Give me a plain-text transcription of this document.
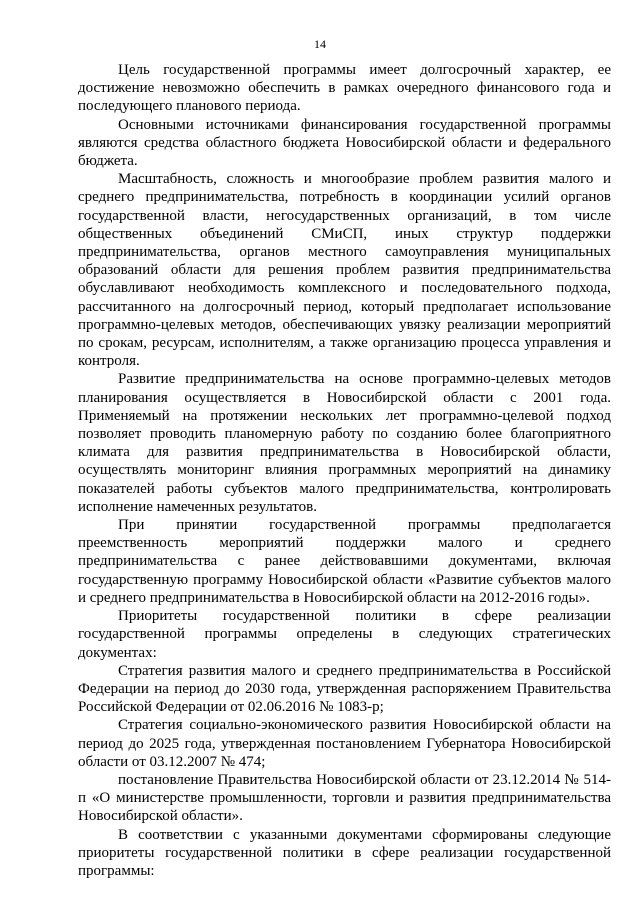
14

Цель государственной программы имеет долгосрочный характер, ее достижение невозможно обеспечить в рамках очередного финансового года и последующего планового периода.

Основными источниками финансирования государственной программы являются средства областного бюджета Новосибирской области и федерального бюджета.

Масштабность, сложность и многообразие проблем развития малого и среднего предпринимательства, потребность в координации усилий органов государственной власти, негосударственных организаций, в том числе общественных объединений СМиСП, иных структур поддержки предпринимательства, органов местного самоуправления муниципальных образований области для решения проблем развития предпринимательства обуславливают необходимость комплексного и последовательного подхода, рассчитанного на долгосрочный период, который предполагает использование программно-целевых методов, обеспечивающих увязку реализации мероприятий по срокам, ресурсам, исполнителям, а также организацию процесса управления и контроля.

Развитие предпринимательства на основе программно-целевых методов планирования осуществляется в Новосибирской области с 2001 года. Применяемый на протяжении нескольких лет программно-целевой подход позволяет проводить планомерную работу по созданию более благоприятного климата для развития предпринимательства в Новосибирской области, осуществлять мониторинг влияния программных мероприятий на динамику показателей работы субъектов малого предпринимательства, контролировать исполнение намеченных результатов.

При принятии государственной программы предполагается преемственность мероприятий поддержки малого и среднего предпринимательства с ранее действовавшими документами, включая государственную программу Новосибирской области «Развитие субъектов малого и среднего предпринимательства в Новосибирской области на 2012-2016 годы».

Приоритеты государственной политики в сфере реализации государственной программы определены в следующих стратегических документах:

Стратегия развития малого и среднего предпринимательства в Российской Федерации на период до 2030 года, утвержденная распоряжением Правительства Российской Федерации от 02.06.2016 № 1083-р;

Стратегия социально-экономического развития Новосибирской области на период до 2025 года, утвержденная постановлением Губернатора Новосибирской области от 03.12.2007 № 474;

постановление Правительства Новосибирской области от 23.12.2014 № 514-п «О министерстве промышленности, торговли и развития предпринимательства Новосибирской области».

В соответствии с указанными документами сформированы следующие приоритеты государственной политики в сфере реализации государственной программы:
